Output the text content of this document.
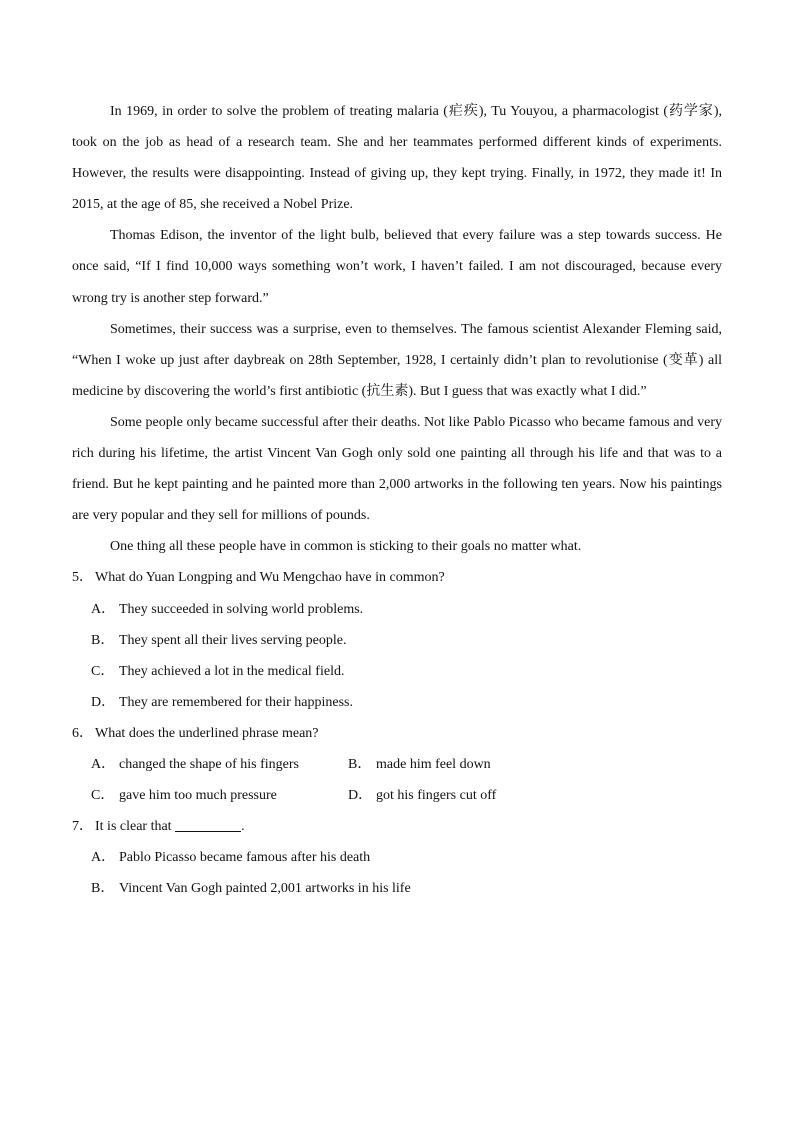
In 1969, in order to solve the problem of treating malaria (疟疾), Tu Youyou, a pharmacologist (药学家), took on the job as head of a research team. She and her teammates performed different kinds of experiments. However, the results were disappointing. Instead of giving up, they kept trying. Finally, in 1972, they made it! In 2015, at the age of 85, she received a Nobel Prize.

Thomas Edison, the inventor of the light bulb, believed that every failure was a step towards success. He once said, “If I find 10,000 ways something won’t work, I haven’t failed. I am not discouraged, because every wrong try is another step forward.”

Sometimes, their success was a surprise, even to themselves. The famous scientist Alexander Fleming said, “When I woke up just after daybreak on 28th September, 1928, I certainly didn’t plan to revolutionise (变革) all medicine by discovering the world’s first antibiotic (抗生素). But I guess that was exactly what I did.”

Some people only became successful after their deaths. Not like Pablo Picasso who became famous and very rich during his lifetime, the artist Vincent Van Gogh only sold one painting all through his life and that was to a friend. But he kept painting and he painted more than 2,000 artworks in the following ten years. Now his paintings are very popular and they sell for millions of pounds.

One thing all these people have in common is sticking to their goals no matter what.

5． What do Yuan Longping and Wu Mengchao have in common?

A． They succeeded in solving world problems.

B． They spent all their lives serving people.

C． They achieved a lot in the medical field.

D． They are remembered for their happiness.

6． What does the underlined phrase mean?

A． changed the shape of his fingers	B． made him feel down
C． gave him too much pressure	D． got his fingers cut off

7． It is clear that	.

A． Pablo Picasso became famous after his death

B． Vincent Van Gogh painted 2,001 artworks in his life
